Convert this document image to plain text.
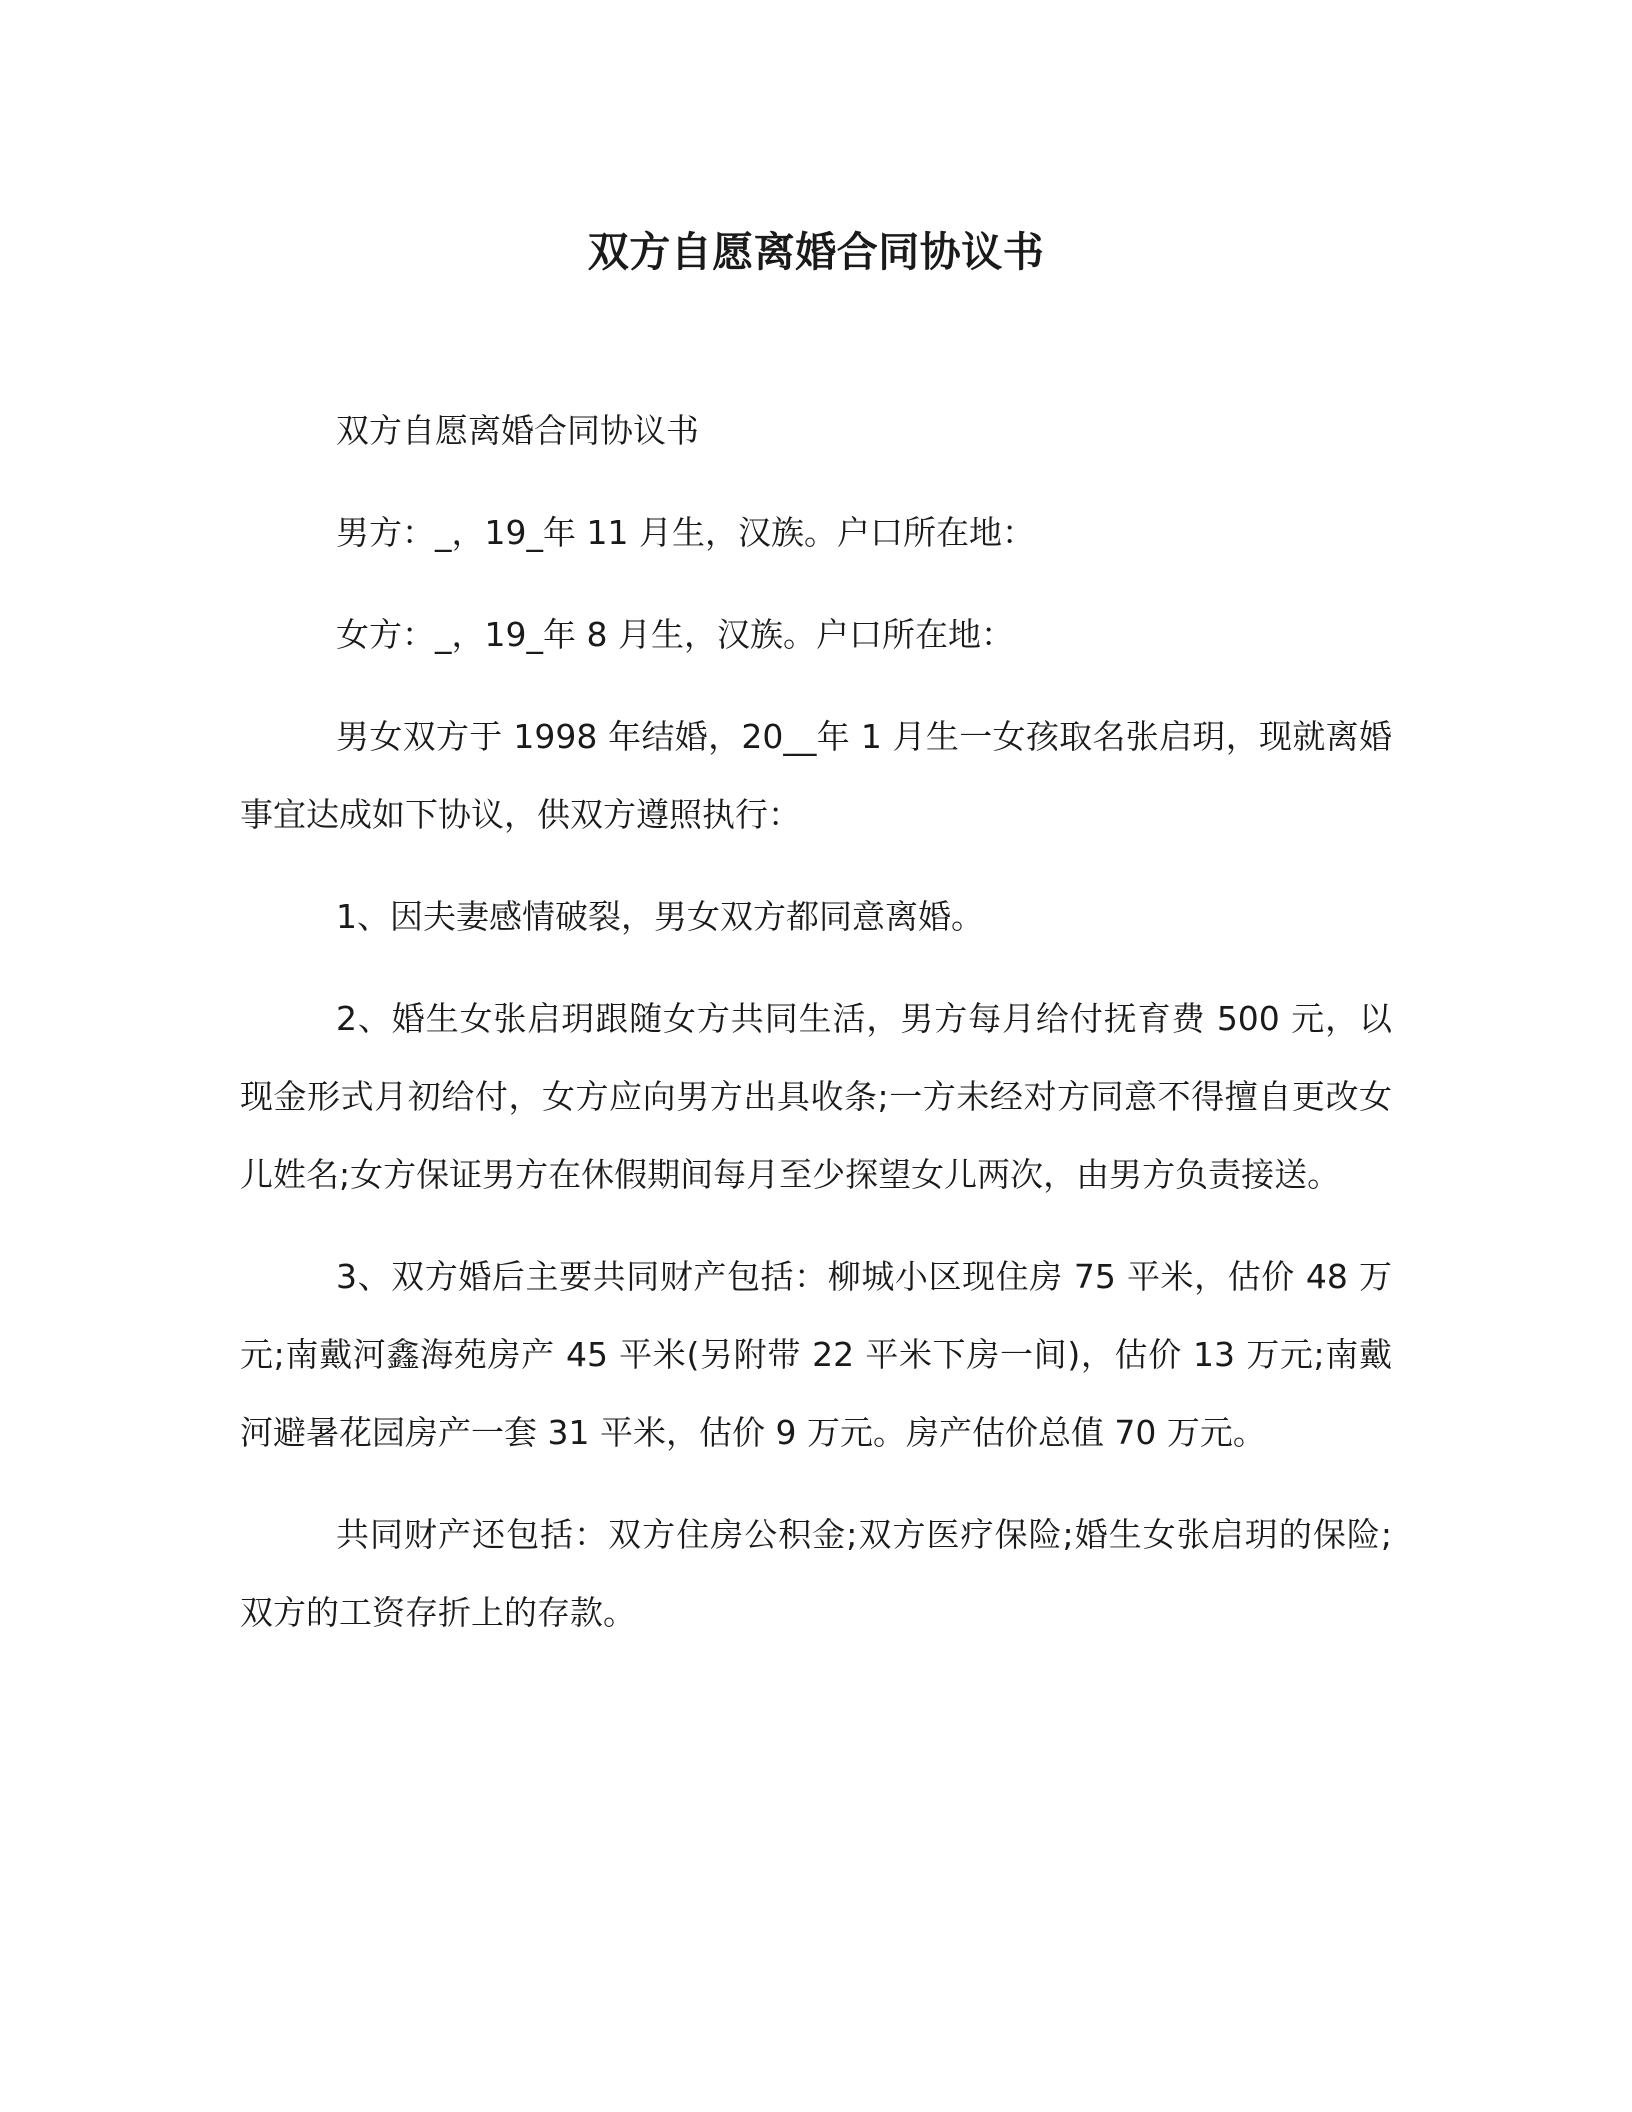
双方自愿离婚合同协议书

双方自愿离婚合同协议书

男方：_，19_年 11 月生，汉族。户口所在地：

女方：_，19_年 8 月生，汉族。户口所在地：

男女双方于 1998 年结婚，20__年 1 月生一女孩取名张启玥，现就离婚事宜达成如下协议，供双方遵照执行：

1、因夫妻感情破裂，男女双方都同意离婚。

2、婚生女张启玥跟随女方共同生活，男方每月给付抚育费 500 元，以现金形式月初给付，女方应向男方出具收条;一方未经对方同意不得擅自更改女儿姓名;女方保证男方在休假期间每月至少探望女儿两次，由男方负责接送。

3、双方婚后主要共同财产包括：柳城小区现住房 75 平米，估价 48 万元;南戴河鑫海苑房产 45 平米(另附带 22 平米下房一间)，估价 13 万元;南戴河避暑花园房产一套 31 平米，估价 9 万元。房产估价总值 70 万元。

共同财产还包括：双方住房公积金;双方医疗保险;婚生女张启玥的保险;双方的工资存折上的存款。
